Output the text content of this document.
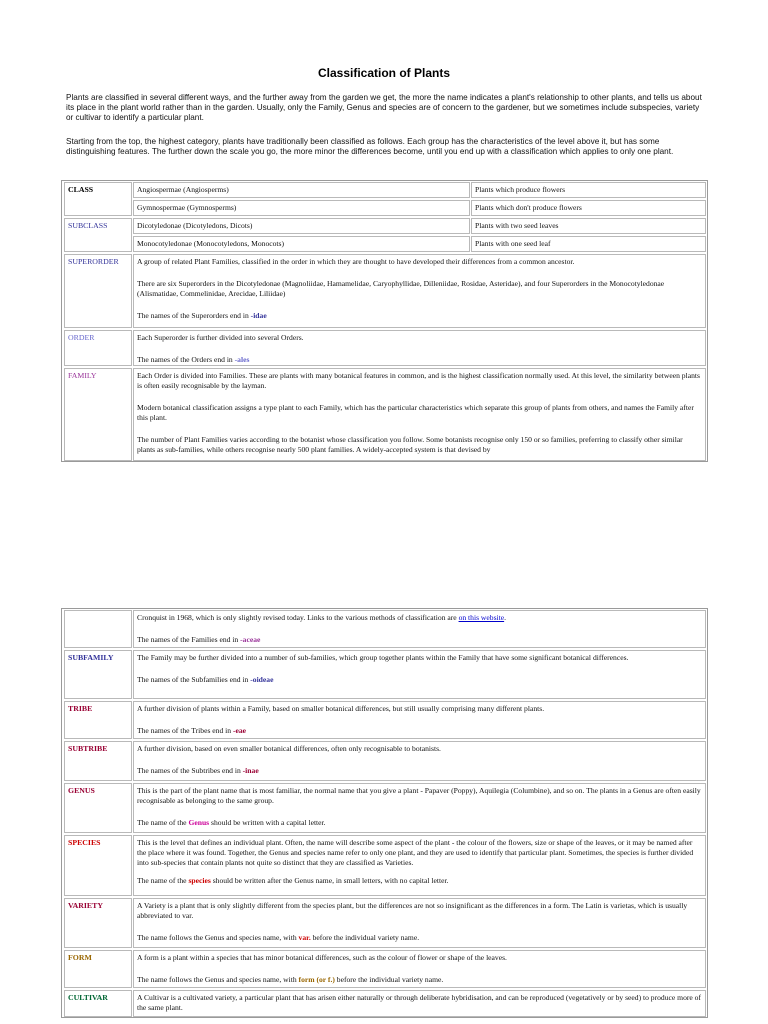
Classification of Plants

Plants are classified in several different ways, and the further away from the garden we get, the more the name indicates a plant's relationship to other plants, and tells us about its place in the plant world rather than in the garden. Usually, only the Family, Genus and species are of concern to the gardener, but we sometimes include subspecies, variety or cultivar to identify a particular plant.

Starting from the top, the highest category, plants have traditionally been classified as follows. Each group has the characteristics of the level above it, but has some distinguishing features. The further down the scale you go, the more minor the differences become, until you end up with a classification which applies to only one plant.

CLASS	Angiospermae (Angiosperms)	Plants which produce flowers
Gymnospermae (Gymnosperms)	Plants which don't produce flowers
SUBCLASS	Dicotyledonae (Dicotyledons, Dicots)	Plants with two seed leaves
Monocotyledonae (Monocotyledons, Monocots)	Plants with one seed leaf
SUPERORDER	A group of related Plant Families, classified in the order in which they are thought to have developed their differences from a common ancestor.
There are six Superorders in the Dicotyledonae (Magnoliidae, Hamamelidae, Caryophyllidae, Dilleniidae, Rosidae, Asteridae), and four Superorders in the Monocotyledonae (Alismatidae, Commelinidae, Arecidae, Liliidae)
The names of the Superorders end in -idae
ORDER	Each Superorder is further divided into several Orders.
The names of the Orders end in -ales
FAMILY	Each Order is divided into Families. These are plants with many botanical features in common, and is the highest classification normally used. At this level, the similarity between plants is often easily recognisable by the layman.
Modern botanical classification assigns a type plant to each Family, which has the particular characteristics which separate this group of plants from others, and names the Family after this plant.
The number of Plant Families varies according to the botanist whose classification you follow. Some botanists recognise only 150 or so families, preferring to classify other similar plants as sub-families, while others recognise nearly 500 plant families. A widely-accepted system is that devised by
Cronquist in 1968, which is only slightly revised today. Links to the various methods of classification are on this website.
The names of the Families end in -aceae
SUBFAMILY	The Family may be further divided into a number of sub-families, which group together plants within the Family that have some significant botanical differences.
The names of the Subfamilies end in -oideae
TRIBE	A further division of plants within a Family, based on smaller botanical differences, but still usually comprising many different plants.
The names of the Tribes end in -eae
SUBTRIBE	A further division, based on even smaller botanical differences, often only recognisable to botanists.
The names of the Subtribes end in -inae
GENUS	This is the part of the plant name that is most familiar, the normal name that you give a plant - Papaver (Poppy), Aquilegia (Columbine), and so on. The plants in a Genus are often easily recognisable as belonging to the same group.
The name of the Genus should be written with a capital letter.
SPECIES	This is the level that defines an individual plant. Often, the name will describe some aspect of the plant - the colour of the flowers, size or shape of the leaves, or it may be named after the place where it was found. Together, the Genus and species name refer to only one plant, and they are used to identify that particular plant. Sometimes, the species is further divided into sub-species that contain plants not quite so distinct that they are classified as Varieties.
The name of the species should be written after the Genus name, in small letters, with no capital letter.
VARIETY	A Variety is a plant that is only slightly different from the species plant, but the differences are not so insignificant as the differences in a form. The Latin is varietas, which is usually abbreviated to var.
The name follows the Genus and species name, with var. before the individual variety name.
FORM	A form is a plant within a species that has minor botanical differences, such as the colour of flower or shape of the leaves.
The name follows the Genus and species name, with form (or f.) before the individual variety name.
CULTIVAR	A Cultivar is a cultivated variety, a particular plant that has arisen either naturally or through deliberate hybridisation, and can be reproduced (vegetatively or by seed) to produce more of the same plant.
